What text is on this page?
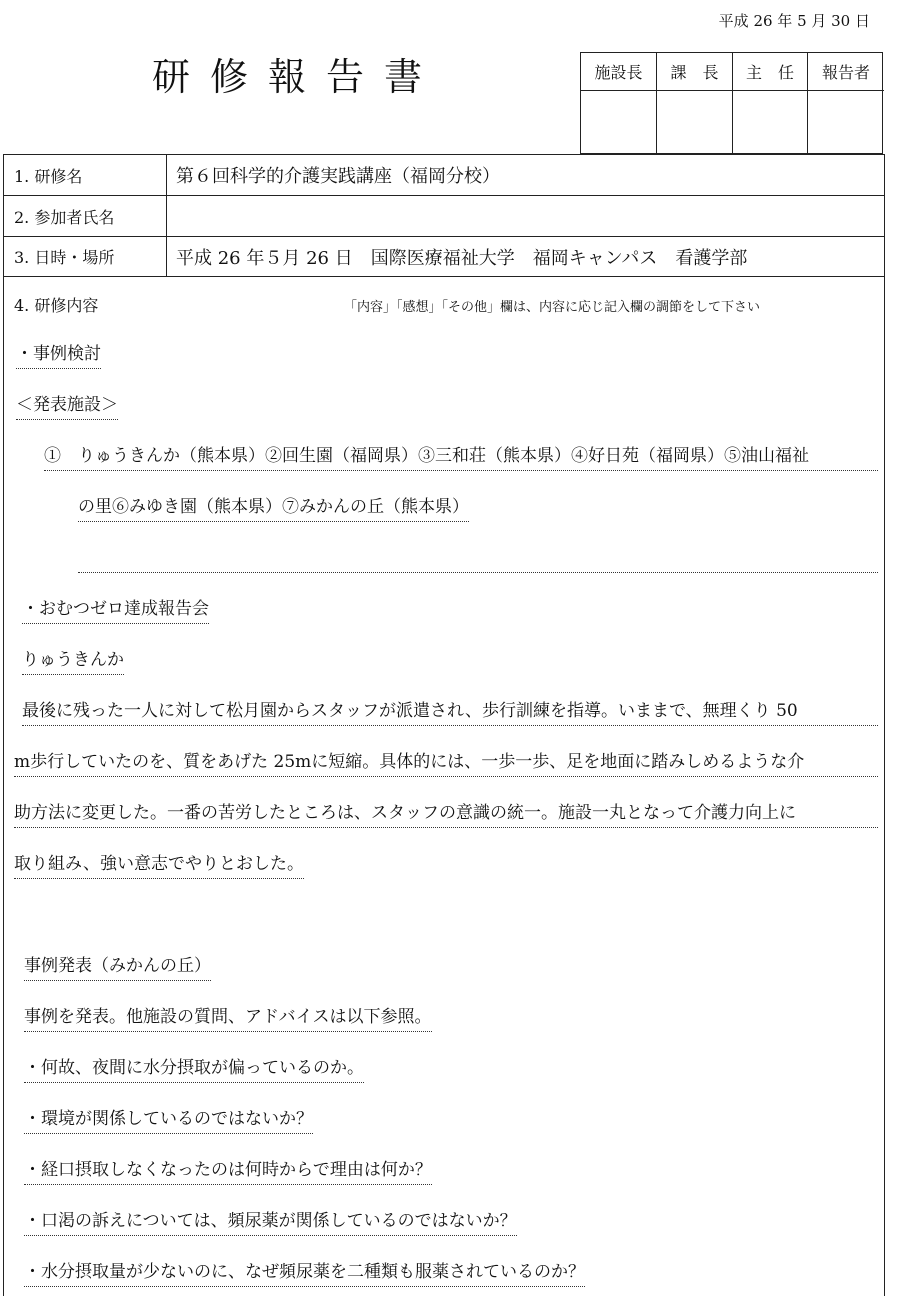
平成 26 年 5 月 30 日
研修報告書	施設長	課　長	主　任	報告者
1. 研修名	第６回科学的介護実践講座（福岡分校）
2. 参加者氏名
3. 日時・場所	平成 26 年５月 26 日　国際医療福祉大学　福岡キャンパス　看護学部
4. 研修内容	「内容」「感想」「その他」欄は、内容に応じ記入欄の調節をして下さい
・事例検討
＜発表施設＞
①　りゅうきんか（熊本県）②回生園（福岡県）③三和荘（熊本県）④好日苑（福岡県）⑤油山福祉
の里⑥みゆき園（熊本県）⑦みかんの丘（熊本県）
・おむつゼロ達成報告会
りゅうきんか
最後に残った一人に対して松月園からスタッフが派遣され、歩行訓練を指導。いままで、無理くり 50
m歩行していたのを、質をあげた 25mに短縮。具体的には、一歩一歩、足を地面に踏みしめるような介
助方法に変更した。一番の苦労したところは、スタッフの意識の統一。施設一丸となって介護力向上に
取り組み、強い意志でやりとおした。
事例発表（みかんの丘）
事例を発表。他施設の質問、アドバイスは以下参照。
・何故、夜間に水分摂取が偏っているのか。
・環境が関係しているのではないか？
・経口摂取しなくなったのは何時からで理由は何か？
・口渇の訴えについては、頻尿薬が関係しているのではないか？
・水分摂取量が少ないのに、なぜ頻尿薬を二種類も服薬されているのか？
